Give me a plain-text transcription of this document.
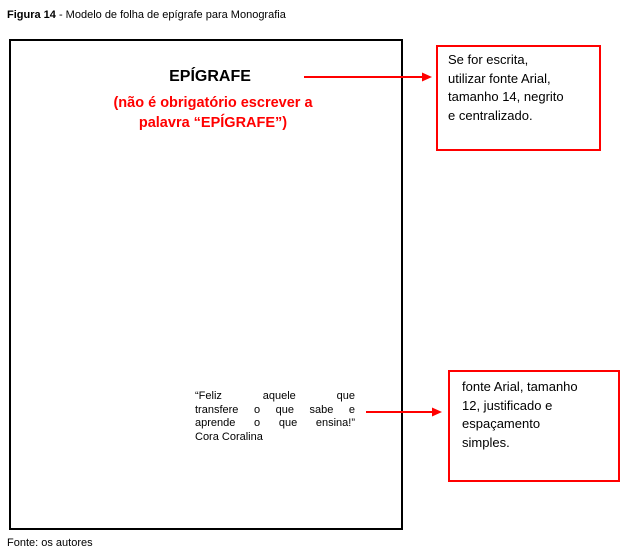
Figura 14 - Modelo de folha de epígrafe para Monografia
EPÍGRAFE
(não é obrigatório escrever a
palavra “EPÍGRAFE”)
“Feliz aquele que
transfere o que sabe e
aprende o que ensina!”
Cora Coralina
Se for escrita,
utilizar fonte Arial,
tamanho 14, negrito
e centralizado.
fonte Arial, tamanho
12, justificado e
espaçamento
simples.
Fonte: os autores
